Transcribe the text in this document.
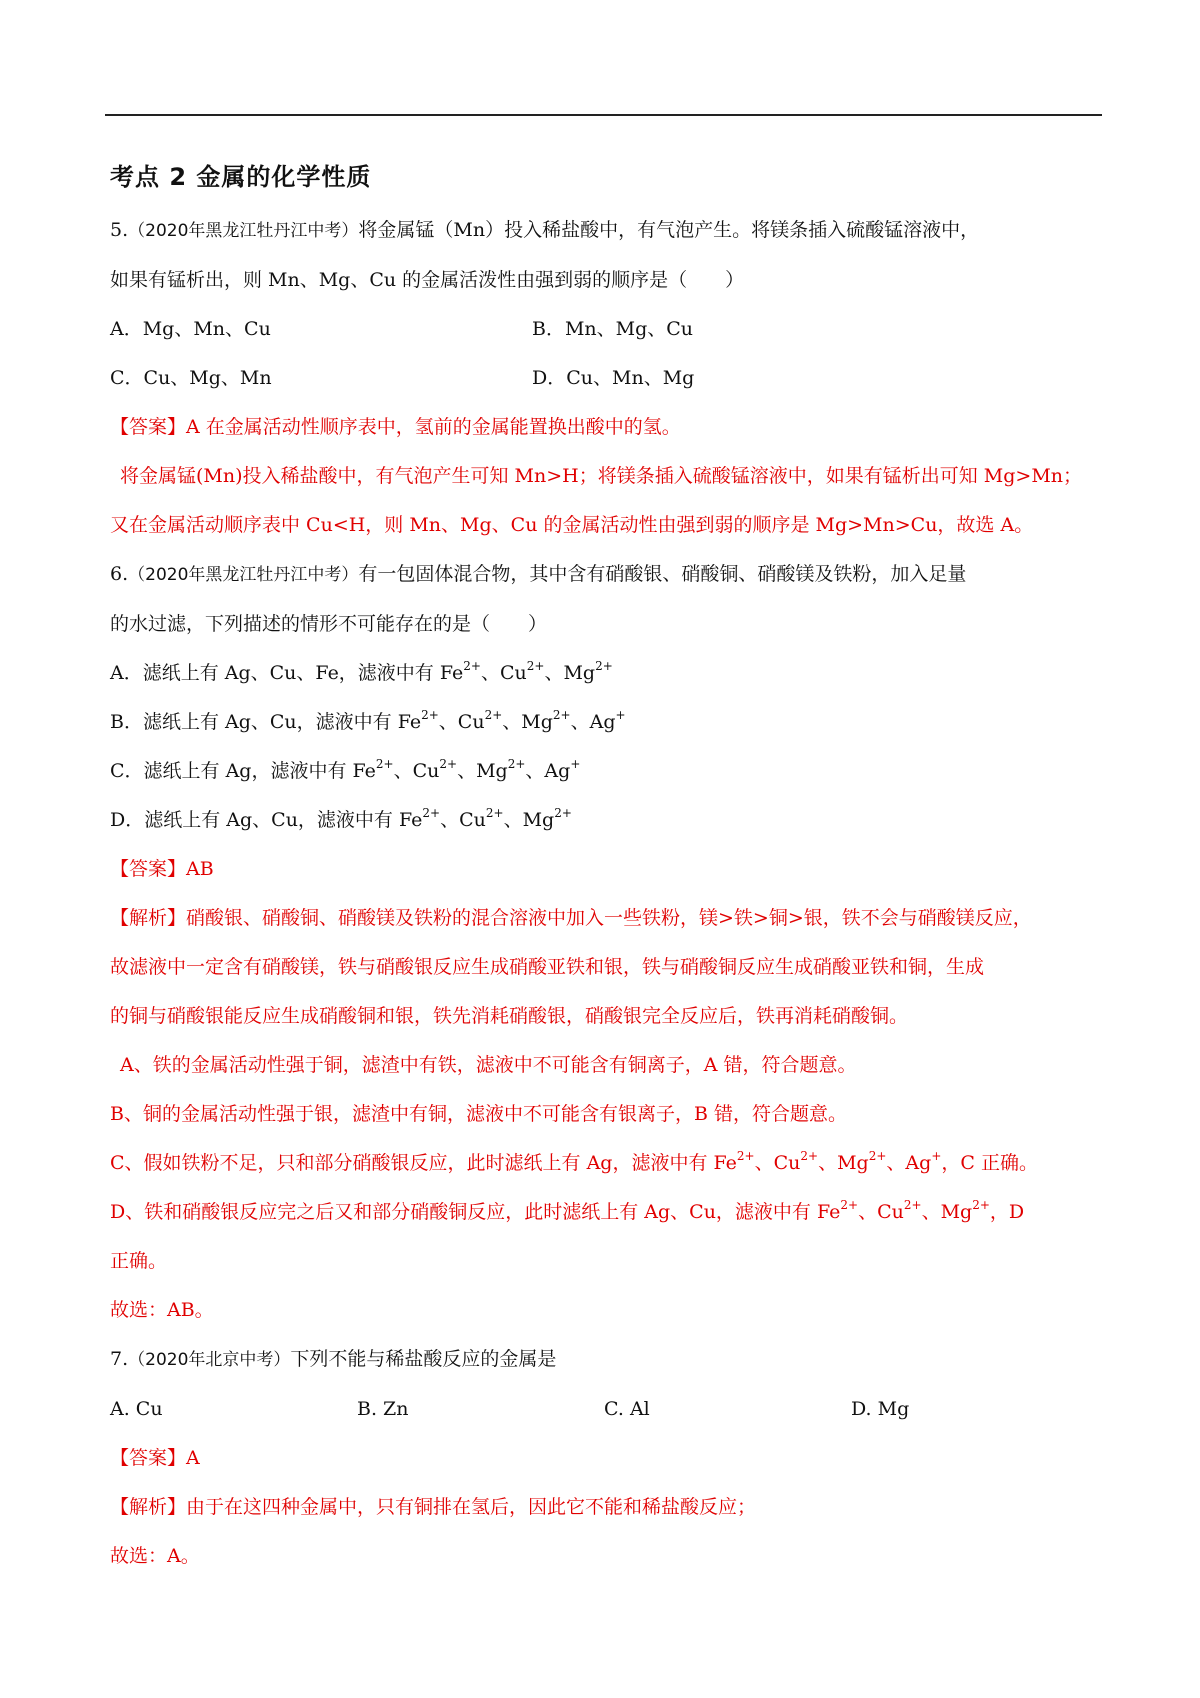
考点 2 金属的化学性质

5.（2020年黑龙江牡丹江中考）将金属锰（Mn）投入稀盐酸中，有气泡产生。将镁条插入硫酸锰溶液中，

如果有锰析出，则 Mn、Mg、Cu 的金属活泼性由强到弱的顺序是（　　）

A．Mg、Mn、Cu	B．Mn、Mg、Cu

C．Cu、Mg、Mn	D．Cu、Mn、Mg

【答案】A 在金属活动性顺序表中，氢前的金属能置换出酸中的氢。

将金属锰(Mn)投入稀盐酸中，有气泡产生可知 Mn>H；将镁条插入硫酸锰溶液中，如果有锰析出可知 Mg>Mn；

又在金属活动顺序表中 Cu<H，则 Mn、Mg、Cu 的金属活动性由强到弱的顺序是 Mg>Mn>Cu，故选 A。

6.（2020年黑龙江牡丹江中考）有一包固体混合物，其中含有硝酸银、硝酸铜、硝酸镁及铁粉，加入足量

的水过滤，下列描述的情形不可能存在的是（　　）

A．滤纸上有 Ag、Cu、Fe，滤液中有 $Fe^{2+}$、$Cu^{2+}$、$Mg^{2+}$

B．滤纸上有 Ag、Cu，滤液中有 $Fe^{2+}$、$Cu^{2+}$、$Mg^{2+}$、Ag+

C．滤纸上有 Ag，滤液中有 $Fe^{2+}$、$Cu^{2+}$、$Mg^{2+}$、Ag+

D．滤纸上有 Ag、Cu，滤液中有 $Fe^{2+}$、$Cu^{2+}$、$Mg^{2+}$

【答案】AB

【解析】硝酸银、硝酸铜、硝酸镁及铁粉的混合溶液中加入一些铁粉，镁>铁>铜>银，铁不会与硝酸镁反应，

故滤液中一定含有硝酸镁，铁与硝酸银反应生成硝酸亚铁和银，铁与硝酸铜反应生成硝酸亚铁和铜，生成

的铜与硝酸银能反应生成硝酸铜和银，铁先消耗硝酸银，硝酸银完全反应后，铁再消耗硝酸铜。

A、铁的金属活动性强于铜，滤渣中有铁，滤液中不可能含有铜离子，A 错，符合题意。

B、铜的金属活动性强于银，滤渣中有铜，滤液中不可能含有银离子，B 错，符合题意。

C、假如铁粉不足，只和部分硝酸银反应，此时滤纸上有 Ag，滤液中有 $Fe^{2+}$、$Cu^{2+}$、$Mg^{2+}$、Ag+，C 正确。

D、铁和硝酸银反应完之后又和部分硝酸铜反应，此时滤纸上有 Ag、Cu，滤液中有 $Fe^{2+}$、$Cu^{2+}$、$Mg^{2+}$，D

正确。

故选：AB。

7.（2020年北京中考）下列不能与稀盐酸反应的金属是

A. Cu	B. Zn	C. Al	D. Mg

【答案】A

【解析】由于在这四种金属中，只有铜排在氢后，因此它不能和稀盐酸反应；

故选：A。
